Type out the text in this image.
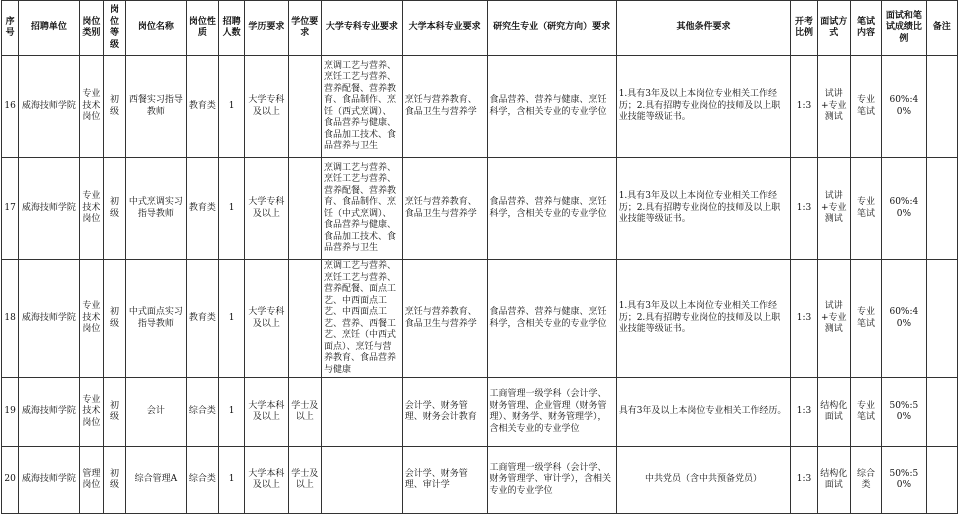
序号	招聘单位	岗位类别	岗位等级	岗位名称	岗位性质	招聘人数	学历要求	学位要求	大学专科专业要求	大学本科专业要求	研究生专业（研究方向）要求	其他条件要求	开考比例	面试方式	笔试内容	面试和笔试成绩比例	备注
16	威海技师学院	专业技术岗位	初级	西餐实习指导教师	教育类	1	大学专科及以上		烹调工艺与营养、烹饪工艺与营养、营养配餐、营养教育、食品制作、烹饪（西式烹调）、食品营养与健康、食品加工技术、食品营养与卫生	烹饪与营养教育、食品卫生与营养学	食品营养、营养与健康、烹饪科学，含相关专业的专业学位	1.具有3年及以上本岗位专业相关工作经历；2.具有招聘专业岗位的技师及以上职业技能等级证书。	1:3	试讲+专业测试	专业笔试	60%:40%	
17	威海技师学院	专业技术岗位	初级	中式烹调实习指导教师	教育类	1	大学专科及以上		烹调工艺与营养、烹饪工艺与营养、营养配餐、营养教育、食品制作、烹饪（中式烹调）、食品营养与健康、食品加工技术、食品营养与卫生	烹饪与营养教育、食品卫生与营养学	食品营养、营养与健康、烹饪科学，含相关专业的专业学位	1.具有3年及以上本岗位专业相关工作经历；2.具有招聘专业岗位的技师及以上职业技能等级证书。	1:3	试讲+专业测试	专业笔试	60%:40%	
18	威海技师学院	专业技术岗位	初级	中式面点实习指导教师	教育类	1	大学专科及以上		烹调工艺与营养、烹饪工艺与营养、营养配餐、面点工艺、中西面点工艺、中西面点工艺、营养、西餐工艺、烹饪（中西式面点）、烹饪与营养教育、食品营养与健康	烹饪与营养教育、食品卫生与营养学	食品营养、营养与健康、烹饪科学，含相关专业的专业学位	1.具有3年及以上本岗位专业相关工作经历；2.具有招聘专业岗位的技师及以上职业技能等级证书。	1:3	试讲+专业测试	专业笔试	60%:40%	
19	威海技师学院	专业技术岗位	初级	会计	综合类	1	大学本科及以上	学士及以上		会计学、财务管理、财务会计教育	工商管理一级学科（会计学、财务管理、企业管理（财务管理）、财务学、财务管理学），含相关专业的专业学位	具有3年及以上本岗位专业相关工作经历。	1:3	结构化面试	专业笔试	50%:50%	
20	威海技师学院	管理岗位	初级	综合管理A	综合类	1	大学本科及以上	学士及以上		会计学、财务管理、审计学	工商管理一级学科（会计学、财务管理学、审计学），含相关专业的专业学位	中共党员（含中共预备党员）	1:3	结构化面试	综合类	50%:50%	
